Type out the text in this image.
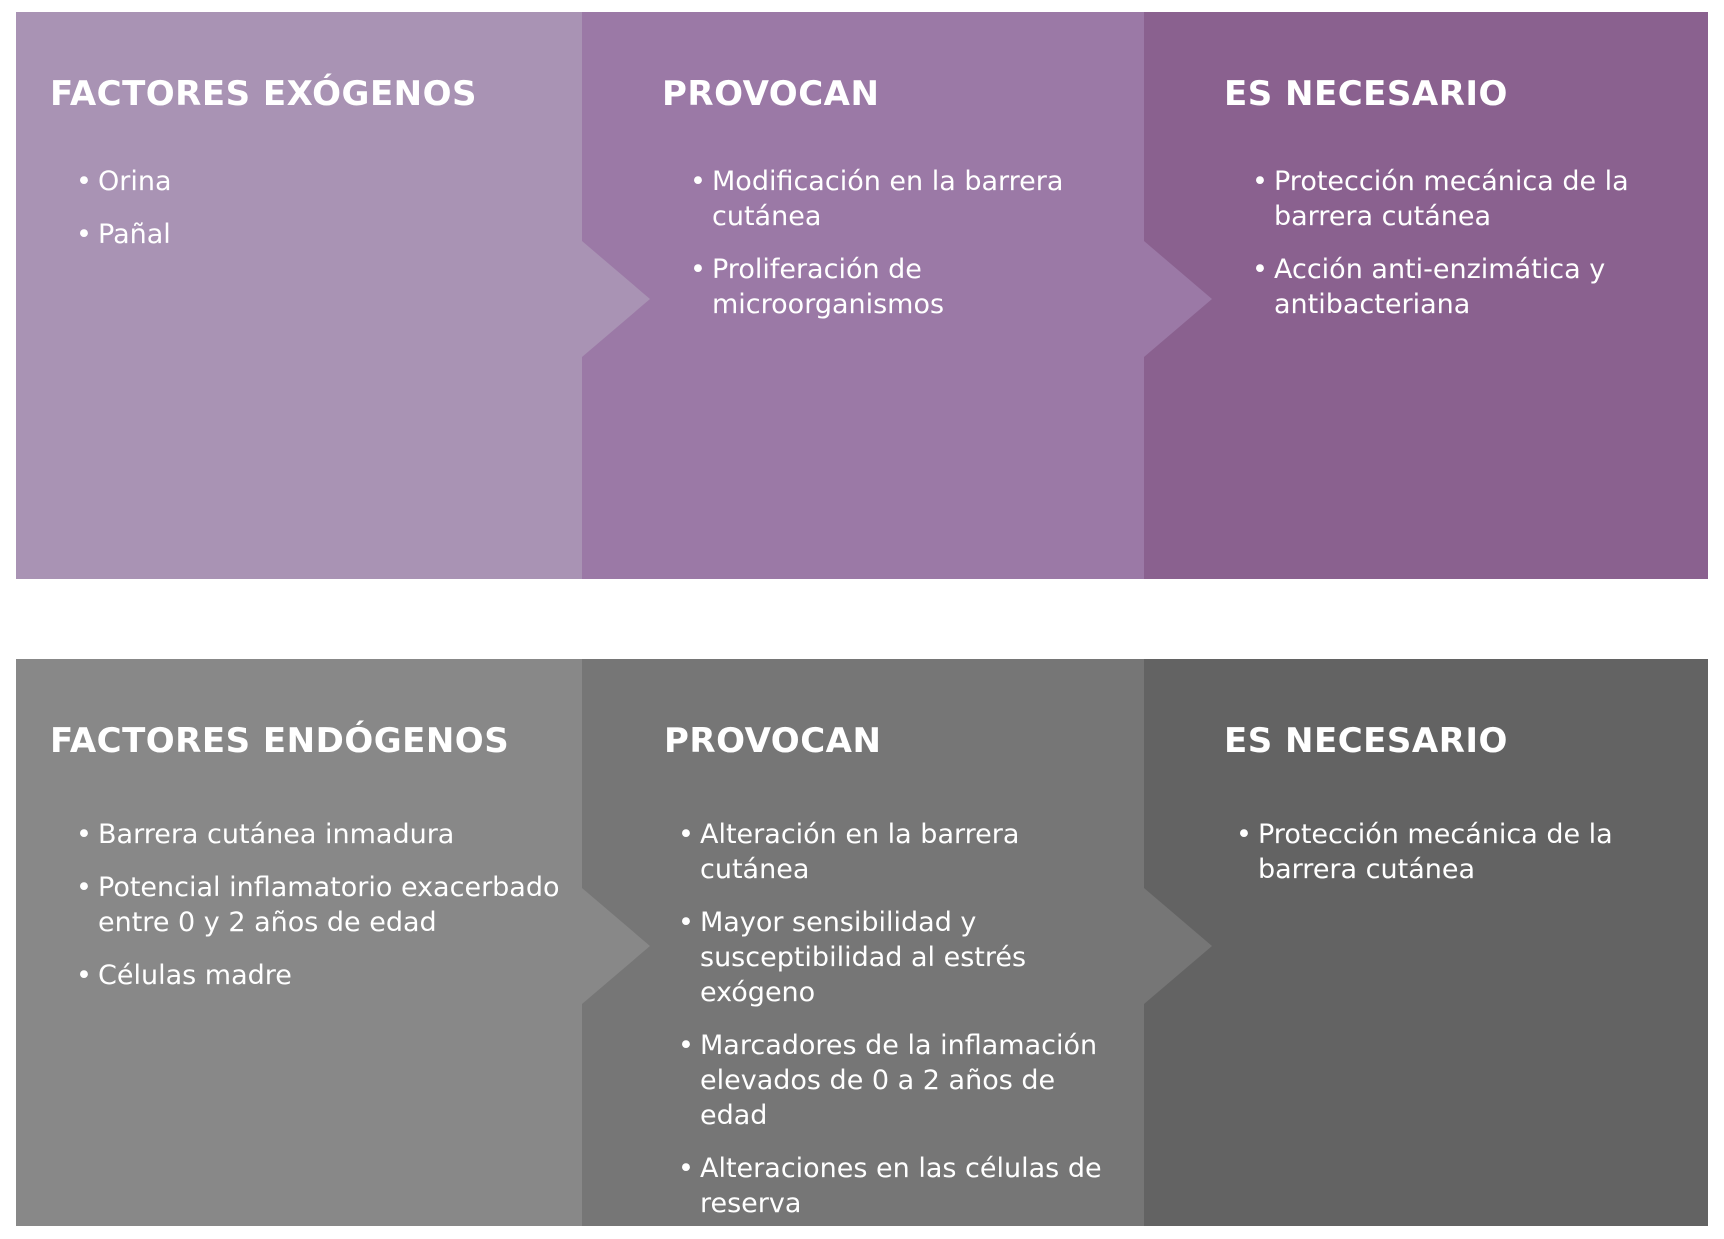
FACTORES EXÓGENOS
• Orina
• Pañal
PROVOCAN
• Modificación en la barrera cutánea
• Proliferación de microorganismos
ES NECESARIO
• Protección mecánica de la barrera cutánea
• Acción anti-enzimática y antibacteriana
FACTORES ENDÓGENOS
• Barrera cutánea inmadura
• Potencial inflamatorio exacerbado entre 0 y 2 años de edad
• Células madre
PROVOCAN
• Alteración en la barrera cutánea
• Mayor sensibilidad y susceptibilidad al estrés exógeno
• Marcadores de la inflamación elevados de 0 a 2 años de edad
• Alteraciones en las células de reserva
ES NECESARIO
• Protección mecánica de la barrera cutánea
